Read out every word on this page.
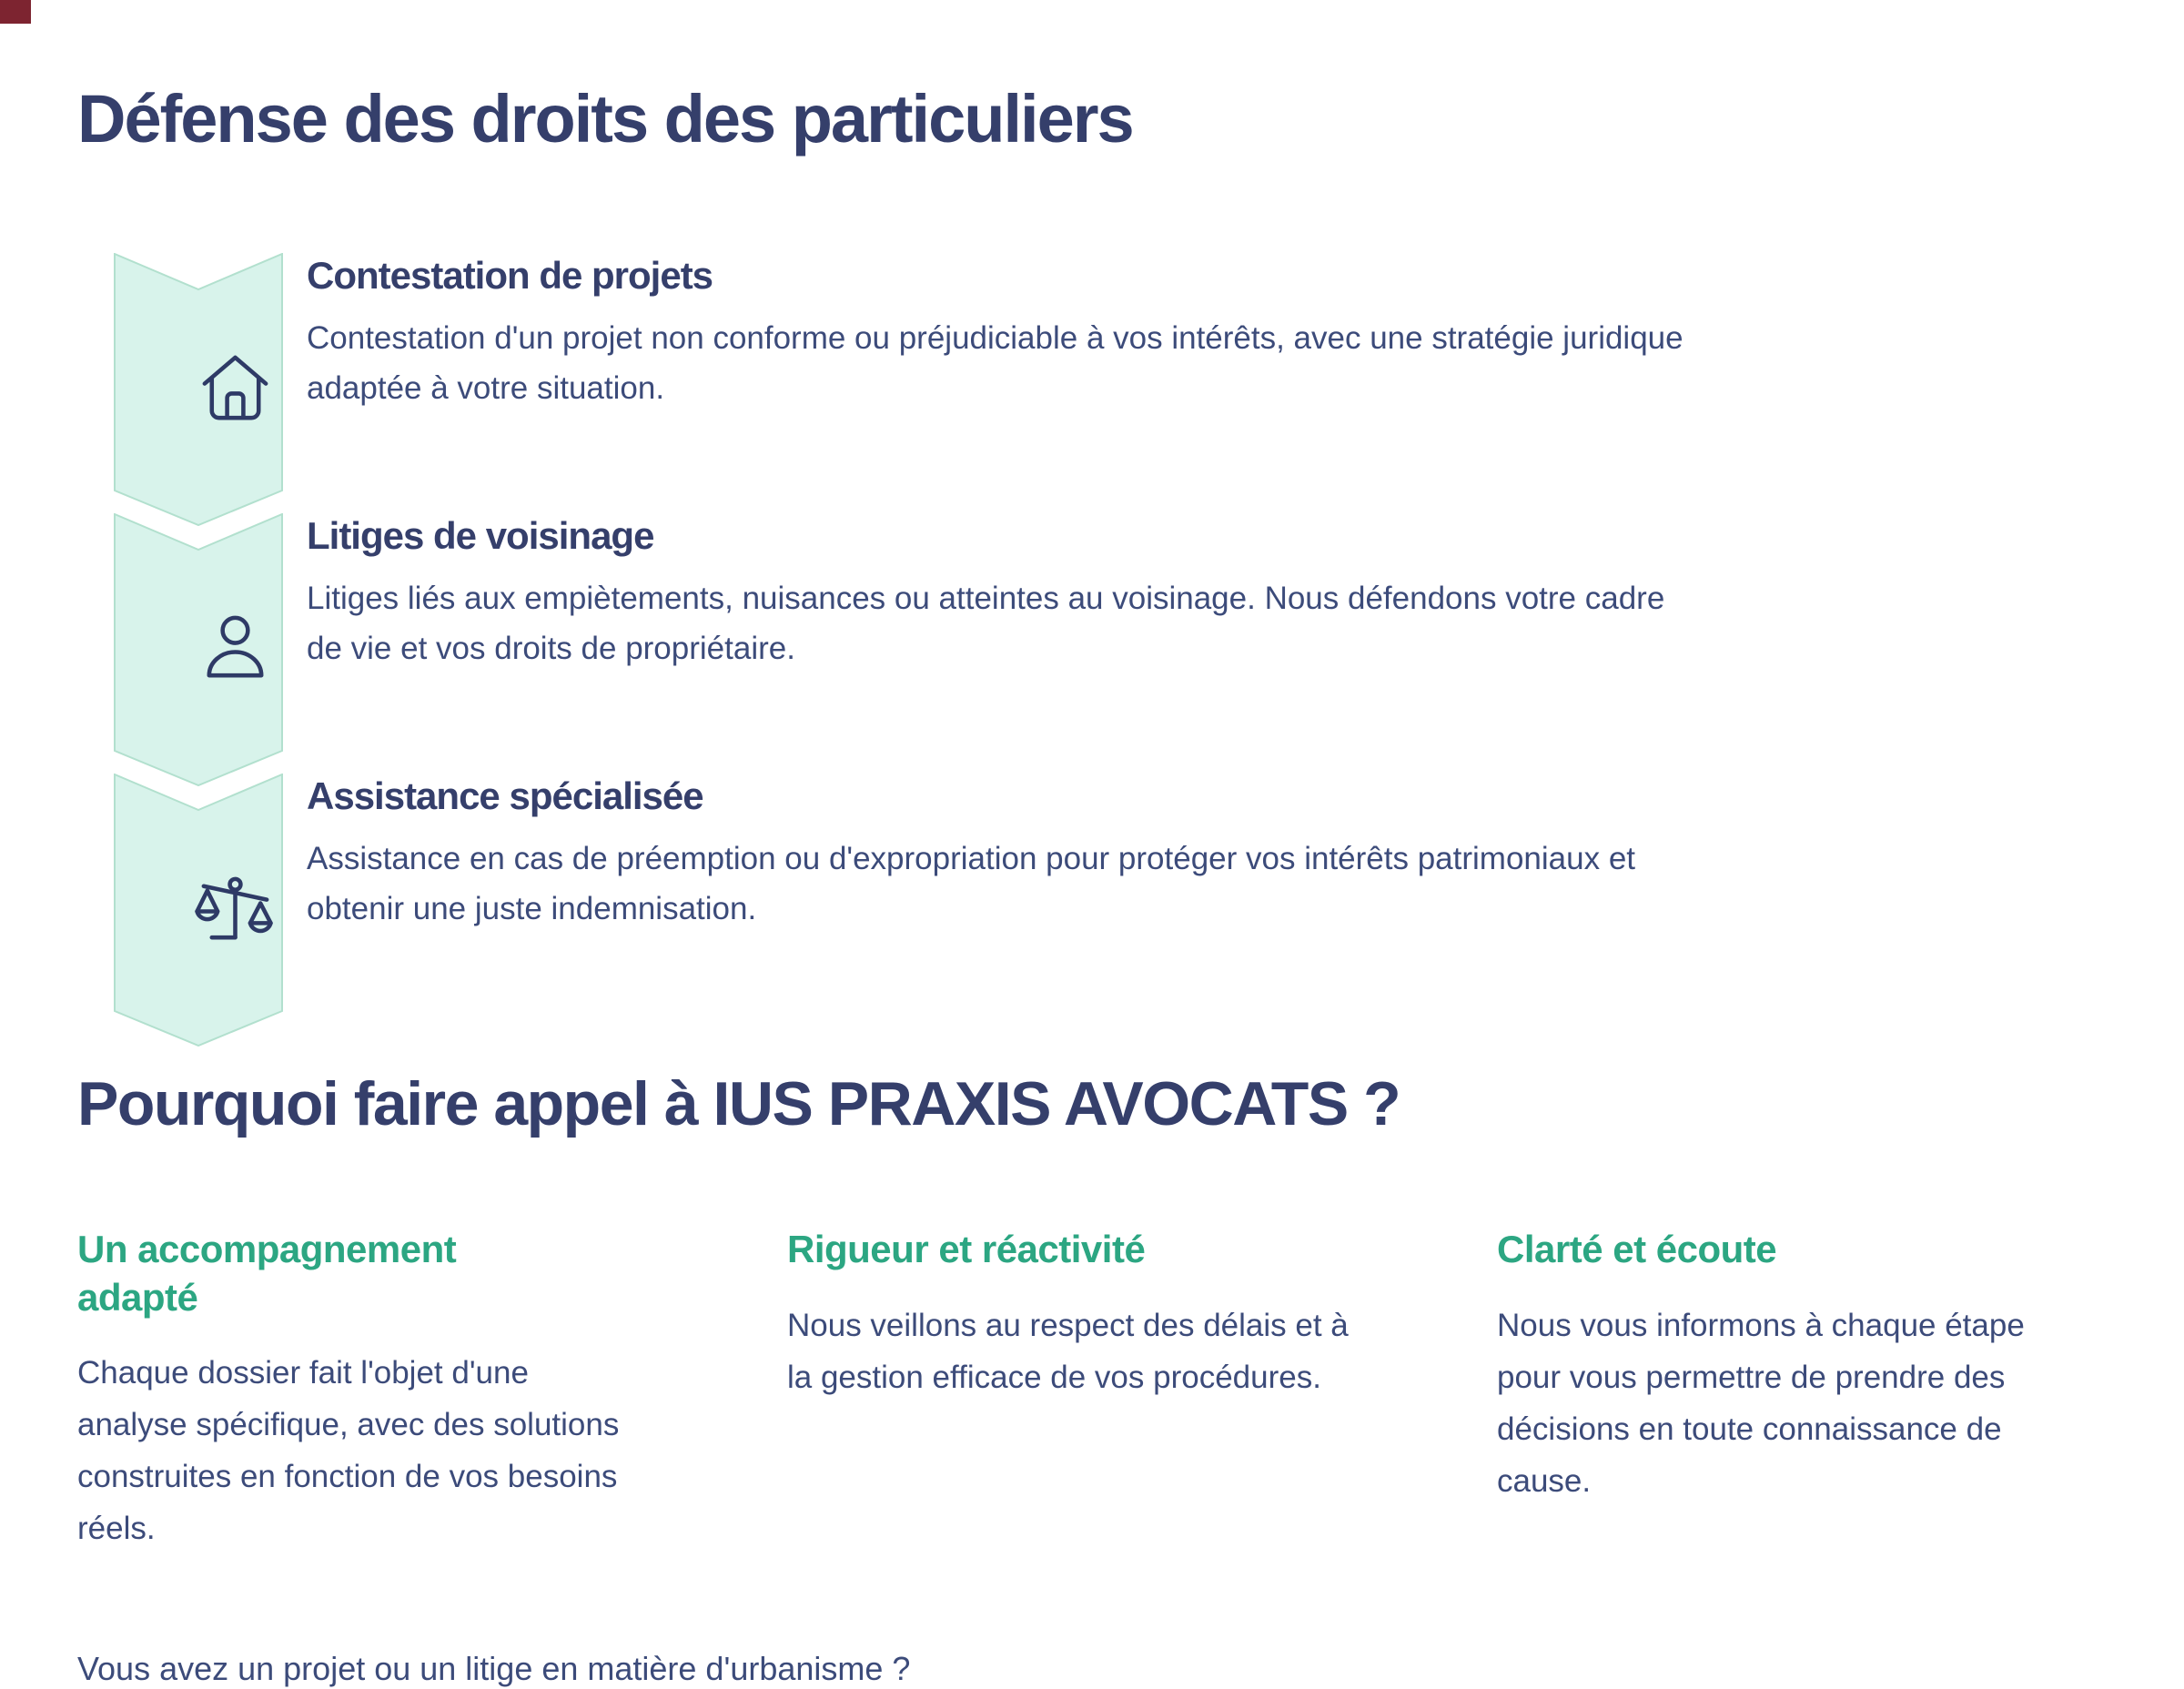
Défense des droits des particuliers
Contestation de projets

Contestation d'un projet non conforme ou préjudiciable à vos intérêts, avec une stratégie juridique adaptée à votre situation.

Litiges de voisinage

Litiges liés aux empiètements, nuisances ou atteintes au voisinage. Nous défendons votre cadre de vie et vos droits de propriétaire.

Assistance spécialisée

Assistance en cas de préemption ou d'expropriation pour protéger vos intérêts patrimoniaux et obtenir une juste indemnisation.

Pourquoi faire appel à IUS PRAXIS AVOCATS ?
Un accompagnement adapté

Chaque dossier fait l'objet d'une analyse spécifique, avec des solutions construites en fonction de vos besoins réels.

Rigueur et réactivité

Nous veillons au respect des délais et à la gestion efficace de vos procédures.

Clarté et écoute

Nous vous informons à chaque étape pour vous permettre de prendre des décisions en toute connaissance de cause.

Vous avez un projet ou un litige en matière d'urbanisme ?
